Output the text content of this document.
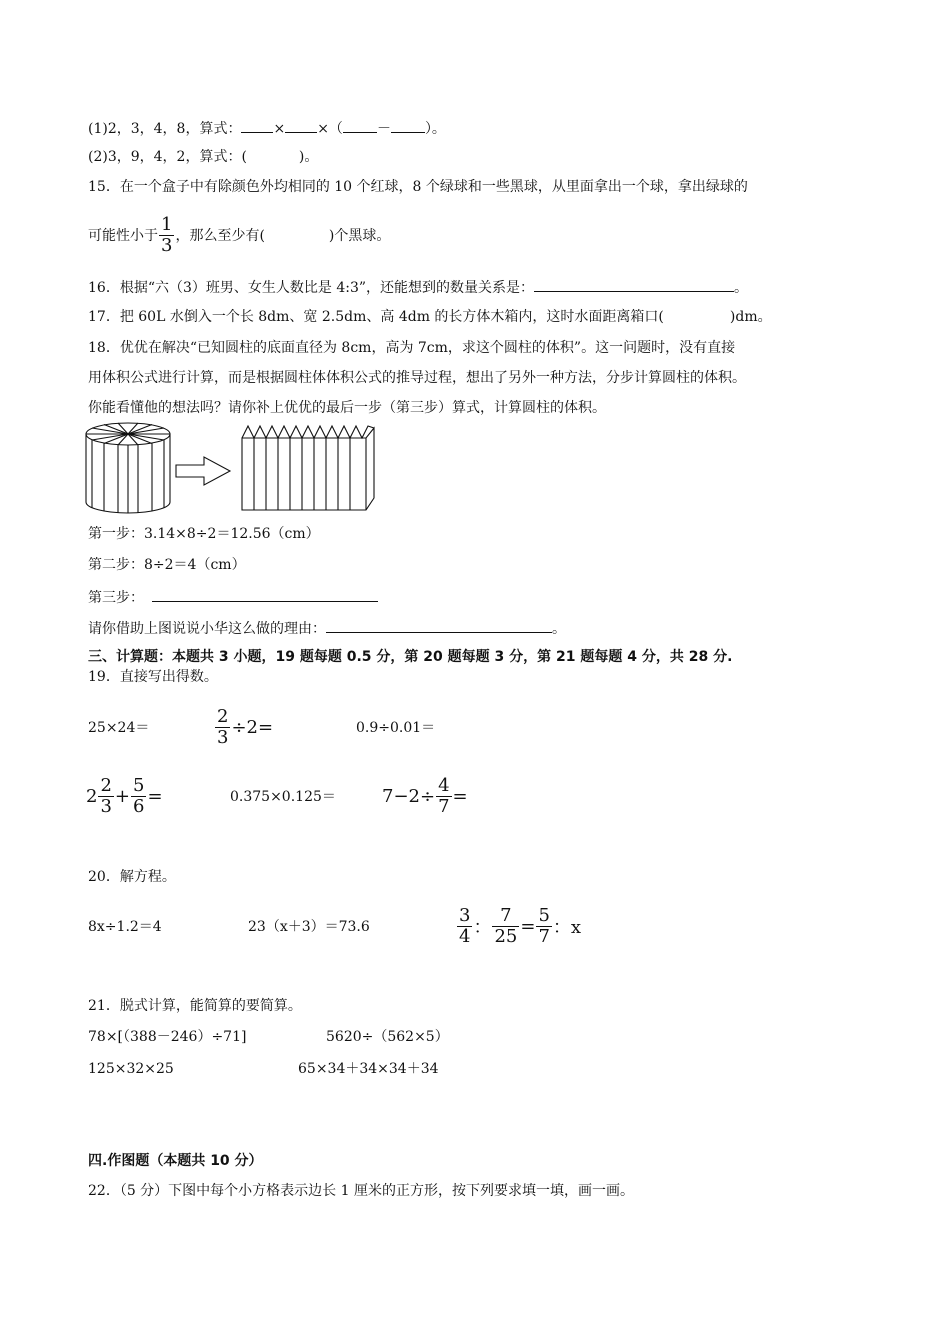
(1)2，3，4，8，算式： × ×（ － ）。
(2)3，9，4，2，算式：(	)。
15．在一个盒子中有除颜色外均相同的 10 个红球，8 个绿球和一些黑球，从里面拿出一个球，拿出绿球的
可能性小于 $\frac{1}{3}$ ，那么至少有(	)个黑球。
16．根据“六（3）班男、女生人数比是 4:3”，还能想到的数量关系是：	。
17．把 60L 水倒入一个长 8dm、宽 2.5dm、高 4dm 的长方体木箱内，这时水面距离箱口(	)dm。
18．优优在解决“已知圆柱的底面直径为 8cm，高为 7cm，求这个圆柱的体积”。这一问题时，没有直接
用体积公式进行计算，而是根据圆柱体体积公式的推导过程，想出了另外一种方法，分步计算圆柱的体积。
你能看懂他的想法吗？请你补上优优的最后一步（第三步）算式，计算圆柱的体积。
第一步：3.14×8÷2＝12.56（cm）
第二步：8÷2＝4（cm）
第三步：
请你借助上图说说小华这么做的理由：	。
三、计算题：本题共 3 小题，19 题每题 0.5 分，第 20 题每题 3 分，第 21 题每题 4 分，共 28 分.
19．直接写出得数。
25×24＝	$\frac{2}{3} \div 2=$	0.9÷0.01＝
$2 \frac{2}{3} + \frac{5}{6}$ =	0.375×0.125＝	$7-2\div \frac{4}{7}$ =
20．解方程。
8x÷1.2＝4	23（x＋3）＝73.6	$\frac{3}{4}$ ： $\frac{7}{25} = \frac{5}{7}$ ：x
21．脱式计算，能简算的要简算。
78×[（388－246）÷71]	5620÷（562×5）
125×32×25	65×34＋34×34＋34
四.作图题（本题共 10 分）
22．（5 分）下图中每个小方格表示边长 1 厘米的正方形，按下列要求填一填，画一画。
